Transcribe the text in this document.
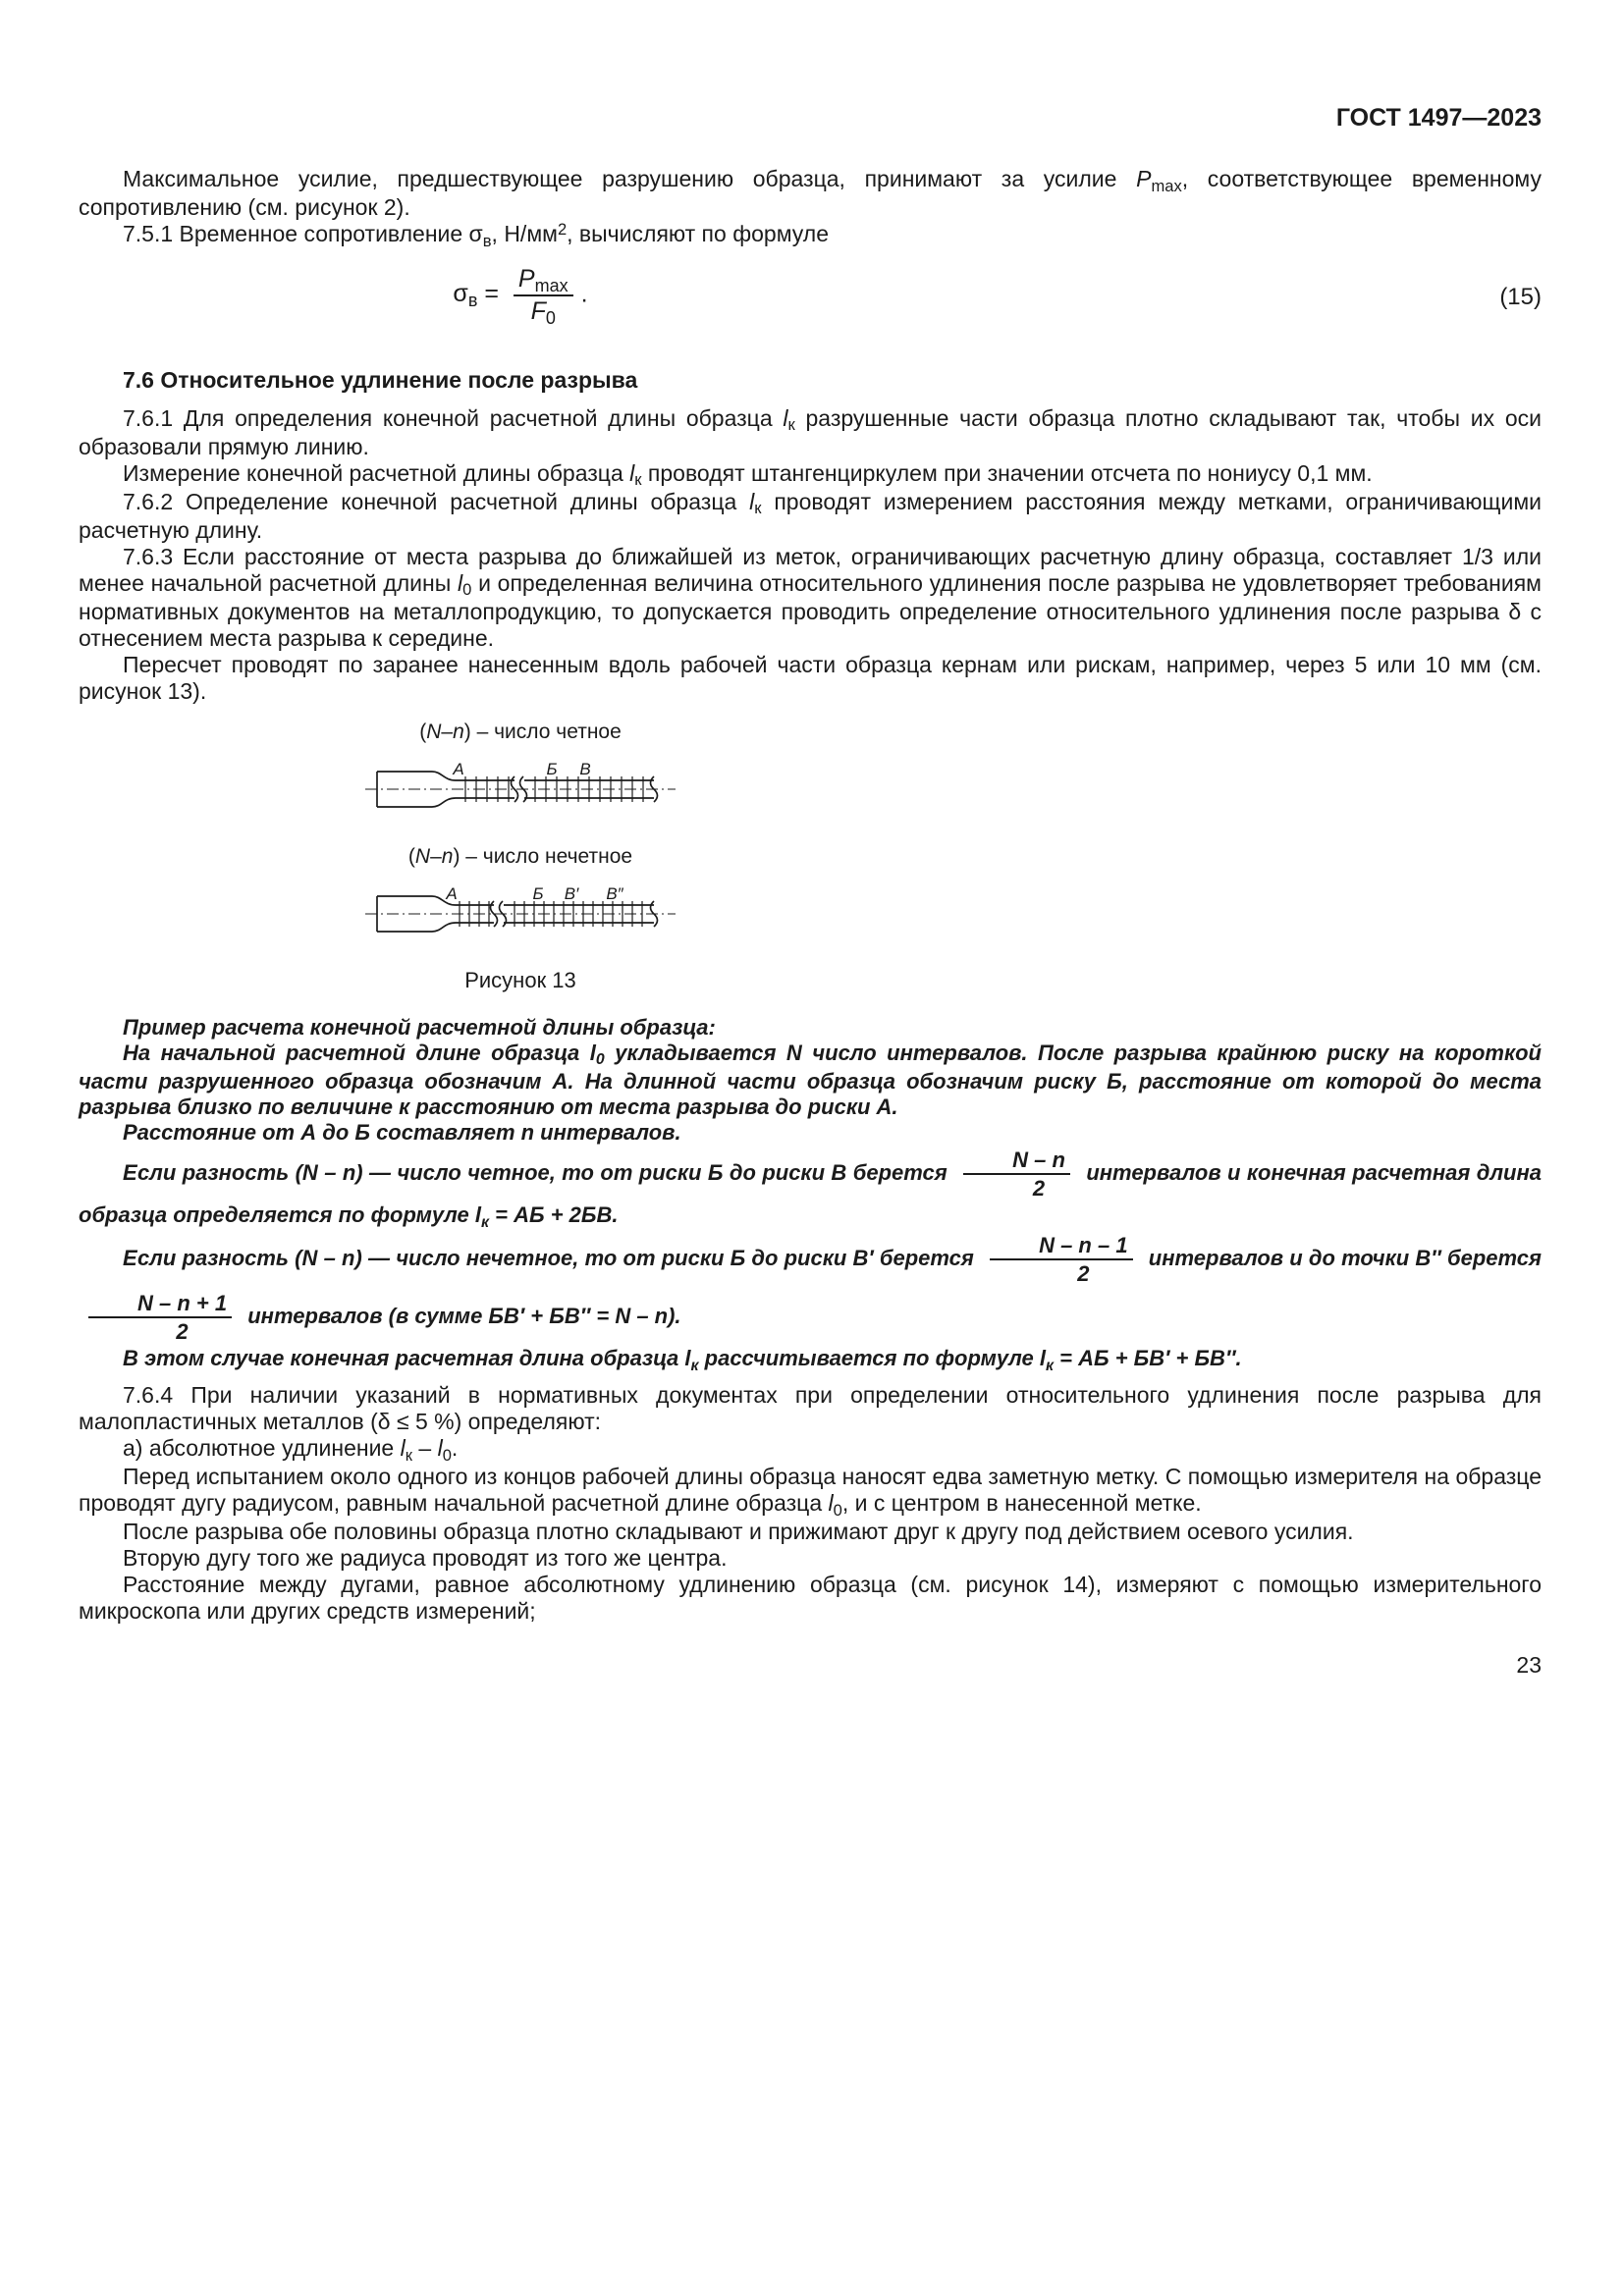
ГОСТ 1497—2023

Максимальное усилие, предшествующее разрушению образца, принимают за усилие $P_{max}$, соответствующее временному сопротивлению (см. рисунок 2).

7.5.1 Временное сопротивление $\sigma_в$, $Н/мм^2$, вычисляют по формуле

$\sigma_в = \frac{P_{max}}{F_0}$ .	(15)
7.6 Относительное удлинение после разрыва

7.6.1 Для определения конечной расчетной длины образца $l_к$ разрушенные части образца плотно складывают так, чтобы их оси образовали прямую линию.

Измерение конечной расчетной длины образца $l_к$ проводят штангенциркулем при значении отсчета по нониусу 0,1 мм.

7.6.2 Определение конечной расчетной длины образца $l_к$ проводят измерением расстояния между метками, ограничивающими расчетную длину.

7.6.3 Если расстояние от места разрыва до ближайшей из меток, ограничивающих расчетную длину образца, составляет 1/3 или менее начальной расчетной длины $l_0$ и определенная величина относительного удлинения после разрыва не удовлетворяет требованиям нормативных документов на металлопродукцию, то допускается проводить определение относительного удлинения после разрыва δ с отнесением места разрыва к середине.

Пересчет проводят по заранее нанесенным вдоль рабочей части образца кернам или рискам, например, через 5 или 10 мм (см. рисунок 13).

(N–n) – число четное
А	Б В
(N–n) – число нечетное
А	Б В′ В″
Рисунок 13

Пример расчета конечной расчетной длины образца:

На начальной расчетной длине образца $l_0$ укладывается N число интервалов. После разрыва крайнюю риску на короткой части разрушенного образца обозначим А. На длинной части образца обозначим риску Б, расстояние от которой до места разрыва близко по величине к расстоянию от места разрыва до риски А.

Расстояние от А до Б составляет n интервалов.

Если разность (N – n) — число четное, то от риски Б до риски В берется $\frac{N - n}{2}$ интервалов и конечная расчетная длина образца определяется по формуле $l_к$ = АБ + 2БВ.

Если разность (N – n) — число нечетное, то от риски Б до риски В′ берется $\frac{N - n - 1}{2}$ интервалов и до точки В″ берется
$\frac{N - n + 1}{2}$ интервалов (в сумме БВ′ + БВ″ = N – n).

В этом случае конечная расчетная длина образца $l_к$ рассчитывается по формуле $l_к$ = АБ + БВ′ + БВ″.

7.6.4 При наличии указаний в нормативных документах при определении относительного удлинения после разрыва для малопластичных металлов (δ ≤ 5 %) определяют:

а) абсолютное удлинение $l_к - l_0$.

Перед испытанием около одного из концов рабочей длины образца наносят едва заметную метку. С помощью измерителя на образце проводят дугу радиусом, равным начальной расчетной длине образца $l_0$, и с центром в нанесенной метке.

После разрыва обе половины образца плотно складывают и прижимают друг к другу под действием осевого усилия.

Вторую дугу того же радиуса проводят из того же центра.

Расстояние между дугами, равное абсолютному удлинению образца (см. рисунок 14), измеряют с помощью измерительного микроскопа или других средств измерений;

23
